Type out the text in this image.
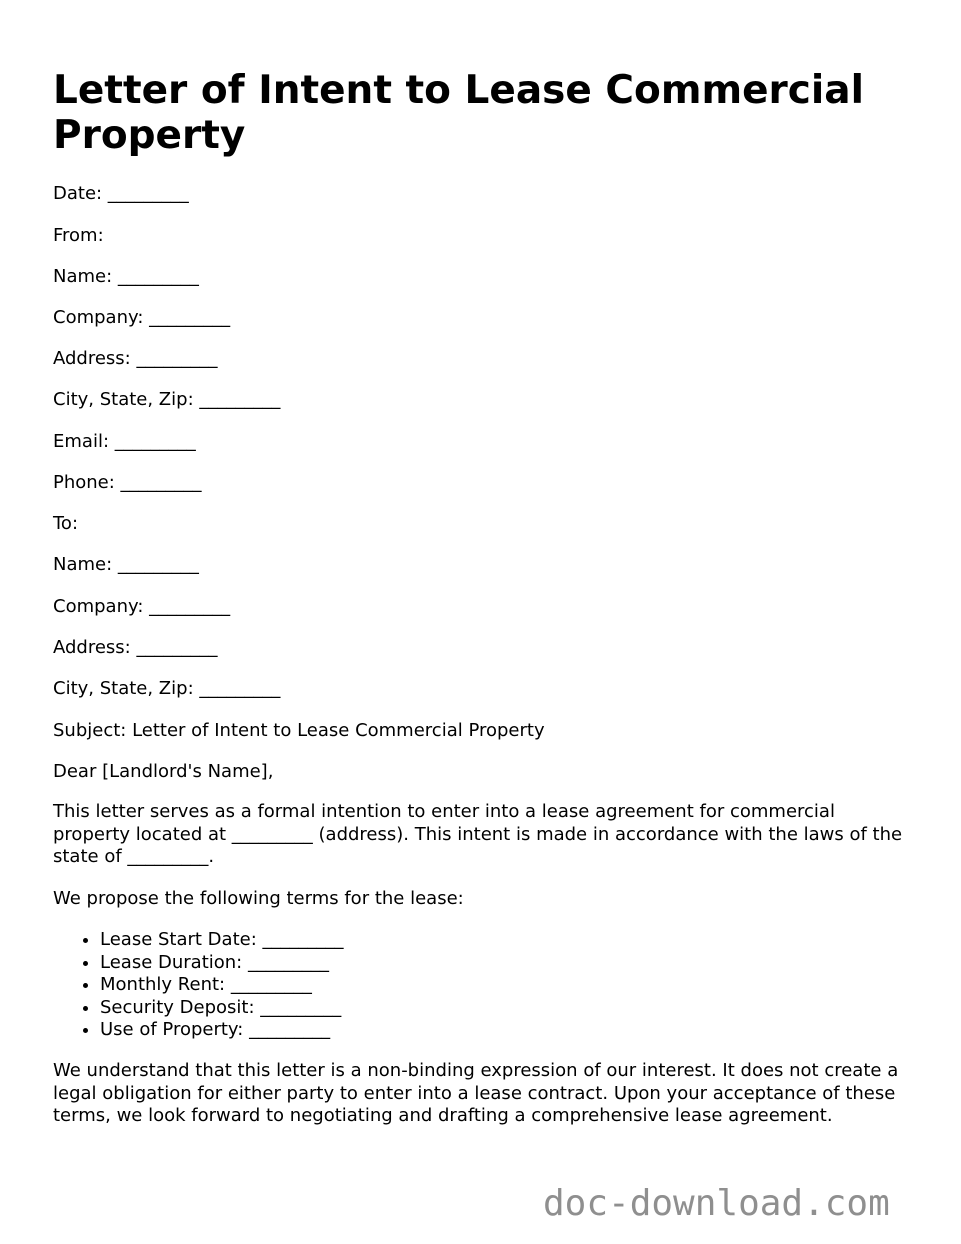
Letter of Intent to Lease Commercial Property

Date: _________

From:

Name: _________

Company: _________

Address: _________

City, State, Zip: _________

Email: _________

Phone: _________

To:

Name: _________

Company: _________

Address: _________

City, State, Zip: _________

Subject: Letter of Intent to Lease Commercial Property

Dear [Landlord's Name],

This letter serves as a formal intention to enter into a lease agreement for commercial property located at _________ (address). This intent is made in accordance with the laws of the state of _________.

We propose the following terms for the lease:

• Lease Start Date: _________
• Lease Duration: _________
• Monthly Rent: _________
• Security Deposit: _________
• Use of Property: _________

We understand that this letter is a non-binding expression of our interest. It does not create a legal obligation for either party to enter into a lease contract. Upon your acceptance of these terms, we look forward to negotiating and drafting a comprehensive lease agreement.

doc-download.com
